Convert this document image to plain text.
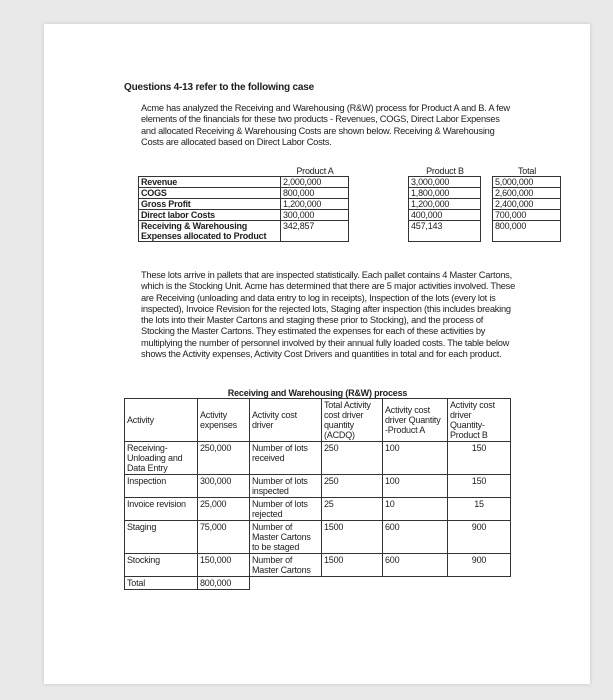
Questions 4-13 refer to the following case
Acme has analyzed the Receiving and Warehousing (R&W) process for Product A and B. A few elements of the financials for these two products - Revenues, COGS, Direct Labor Expenses and allocated Receiving & Warehousing Costs are shown below. Receiving & Warehousing Costs are allocated based on Direct Labor Costs.
	Product A		Product B		Total
Revenue	2,000,000		3,000,000		5,000,000
COGS	800,000		1,800,000		2,600,000
Gross Profit	1,200,000		1,200,000		2,400,000
Direct labor Costs	300,000		400,000		700,000
Receiving & Warehousing Expenses allocated to Product	342,857		457,143		800,000
These lots arrive in pallets that are inspected statistically. Each pallet contains 4 Master Cartons, which is the Stocking Unit. Acme has determined that there are 5 major activities involved. These are Receiving (unloading and data entry to log in receipts), Inspection of the lots (every lot is inspected), Invoice Revision for the rejected lots, Staging after inspection (this includes breaking the lots into their Master Cartons and staging these prior to Stocking), and the process of Stocking the Master Cartons. They estimated the expenses for each of these activities by multiplying the number of personnel involved by their annual fully loaded costs. The table below shows the Activity expenses, Activity Cost Drivers and quantities in total and for each product.
Receiving and Warehousing (R&W) process					
Activity	Activity expenses	Activity cost driver	Total Activity cost driver quantity (ACDQ)	Activity cost driver Quantity -Product A	Activity cost driver Quantity-Product B
Receiving-Unloading and Data Entry	250,000	Number of lots received	250	100	150
Inspection	300,000	Number of lots inspected	250	100	150
Invoice revision	25,000	Number of lots rejected	25	10	15
Staging	75,000	Number of Master Cartons to be staged	1500	600	900
Stocking	150,000	Number of Master Cartons	1500	600	900
Total	800,000				
